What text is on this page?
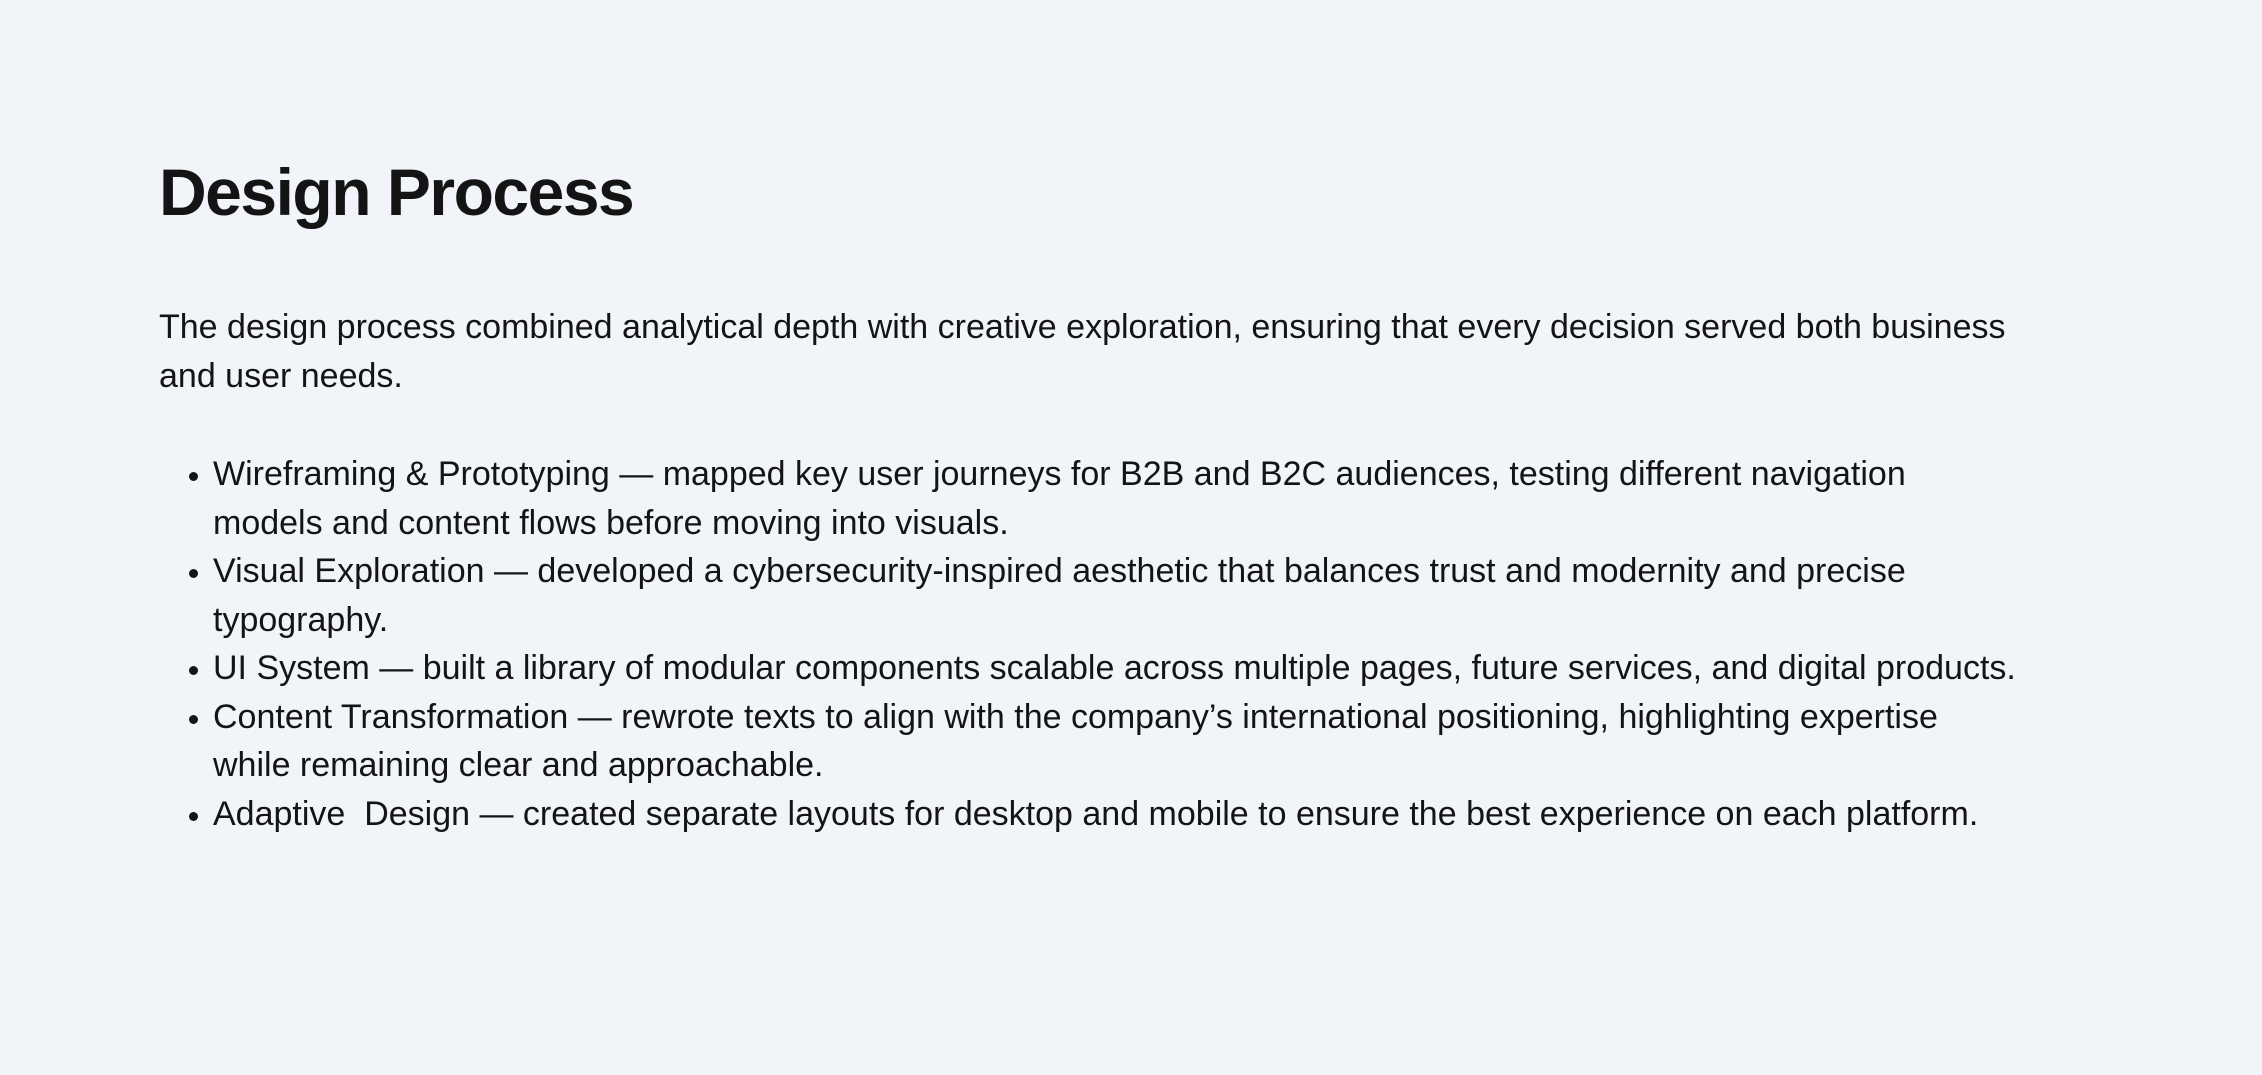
Design Process

The design process combined analytical depth with creative exploration, ensuring that every decision served both business and user needs.

• Wireframing & Prototyping — mapped key user journeys for B2B and B2C audiences, testing different navigation models and content flows before moving into visuals.
• Visual Exploration — developed a cybersecurity-inspired aesthetic that balances trust and modernity and precise typography.
• UI System — built a library of modular components scalable across multiple pages, future services, and digital products.
• Content Transformation — rewrote texts to align with the company’s international positioning, highlighting expertise while remaining clear and approachable.
• Adaptive  Design — created separate layouts for desktop and mobile to ensure the best experience on each platform.
